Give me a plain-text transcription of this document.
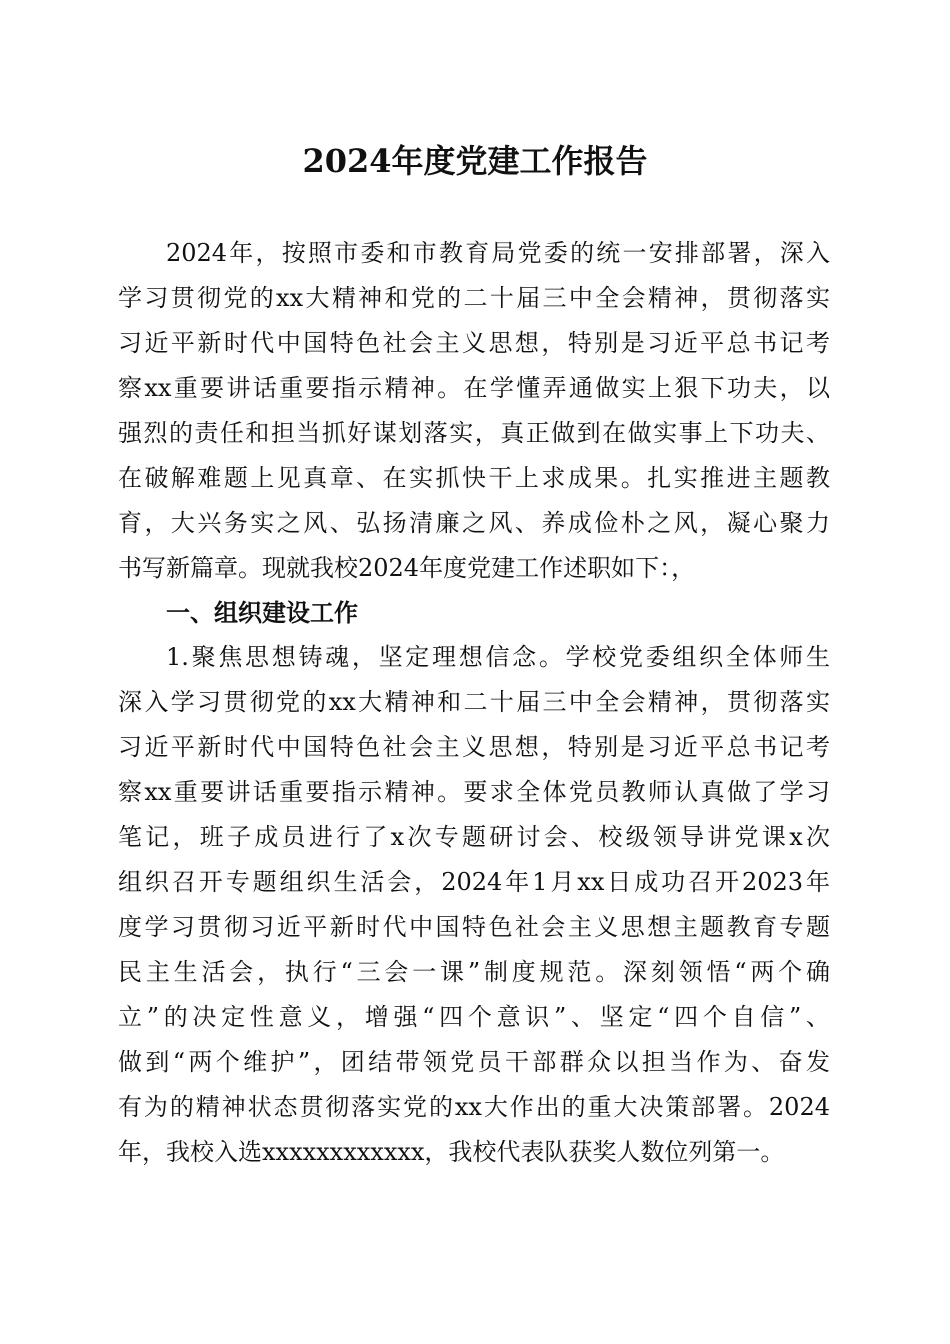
2024年度党建工作报告
2024年，按照市委和市教育局党委的统一安排部署，深入
学习贯彻党的xx大精神和党的二十届三中全会精神，贯彻落实
习近平新时代中国特色社会主义思想，特别是习近平总书记考
察xx重要讲话重要指示精神。在学懂弄通做实上狠下功夫，以
强烈的责任和担当抓好谋划落实，真正做到在做实事上下功夫、
在破解难题上见真章、在实抓快干上求成果。扎实推进主题教
育，大兴务实之风、弘扬清廉之风、养成俭朴之风，凝心聚力
书写新篇章。现就我校2024年度党建工作述职如下：，
一、组织建设工作
1.聚焦思想铸魂，坚定理想信念。学校党委组织全体师生
深入学习贯彻党的xx大精神和二十届三中全会精神，贯彻落实
习近平新时代中国特色社会主义思想，特别是习近平总书记考
察xx重要讲话重要指示精神。要求全体党员教师认真做了学习
笔记，班子成员进行了x次专题研讨会、校级领导讲党课x次
组织召开专题组织生活会，2024年1月xx日成功召开2023年
度学习贯彻习近平新时代中国特色社会主义思想主题教育专题
民主生活会，执行“三会一课”制度规范。深刻领悟“两个确
立”的决定性意义，增强“四个意识”、坚定“四个自信”、
做到“两个维护”，团结带领党员干部群众以担当作为、奋发
有为的精神状态贯彻落实党的xx大作出的重大决策部署。2024
年，我校入选xxxxxxxxxxxx，我校代表队获奖人数位列第一。
